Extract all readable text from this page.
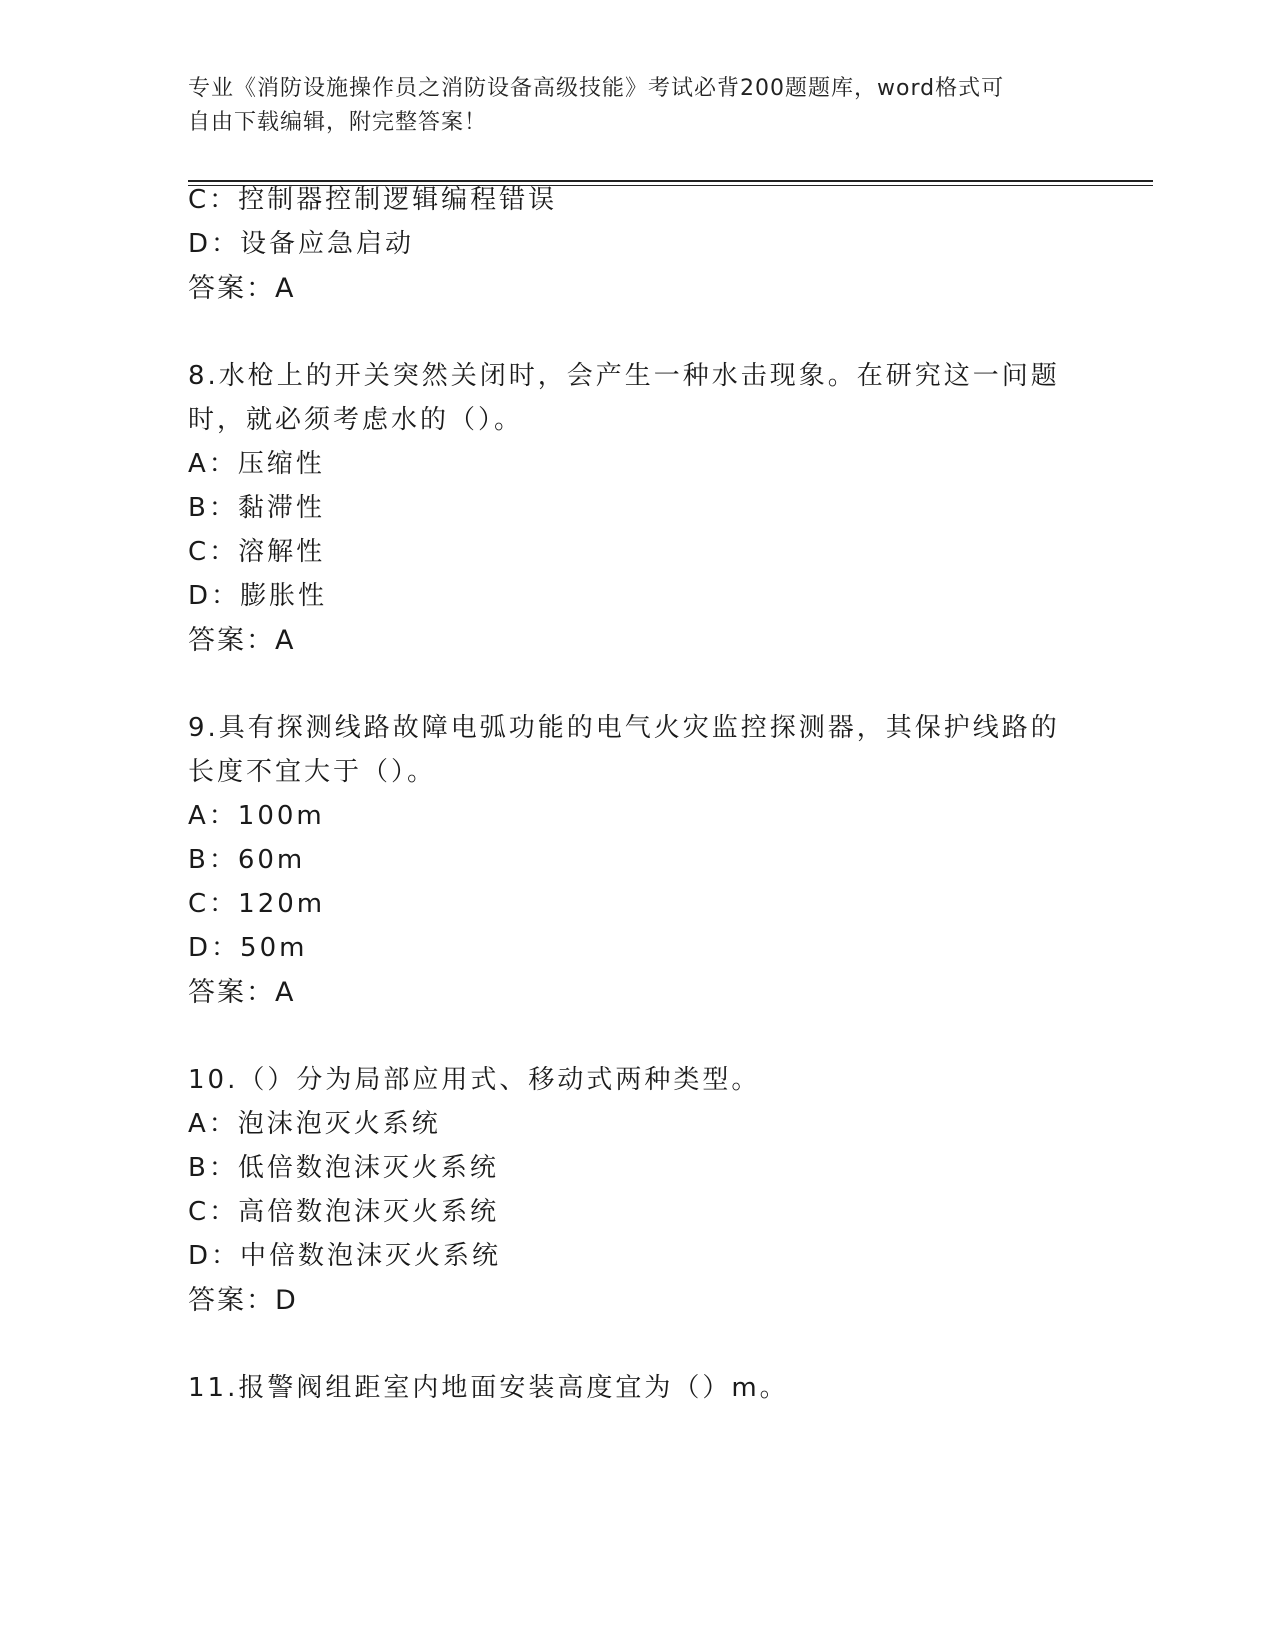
专业《消防设施操作员之消防设备高级技能》考试必背200题题库，word格式可
自由下载编辑，附完整答案！
C：控制器控制逻辑编程错误
D：设备应急启动
答案：A
8.水枪上的开关突然关闭时，会产生一种水击现象。在研究这一问题
时，就必须考虑水的（）。
A：压缩性
B：黏滞性
C：溶解性
D：膨胀性
答案：A
9.具有探测线路故障电弧功能的电气火灾监控探测器，其保护线路的
长度不宜大于（）。
A：100m
B：60m
C：120m
D：50m
答案：A
10.（）分为局部应用式、移动式两种类型。
A：泡沫泡灭火系统
B：低倍数泡沫灭火系统
C：高倍数泡沫灭火系统
D：中倍数泡沫灭火系统
答案：D
11.报警阀组距室内地面安装高度宜为（）m。
